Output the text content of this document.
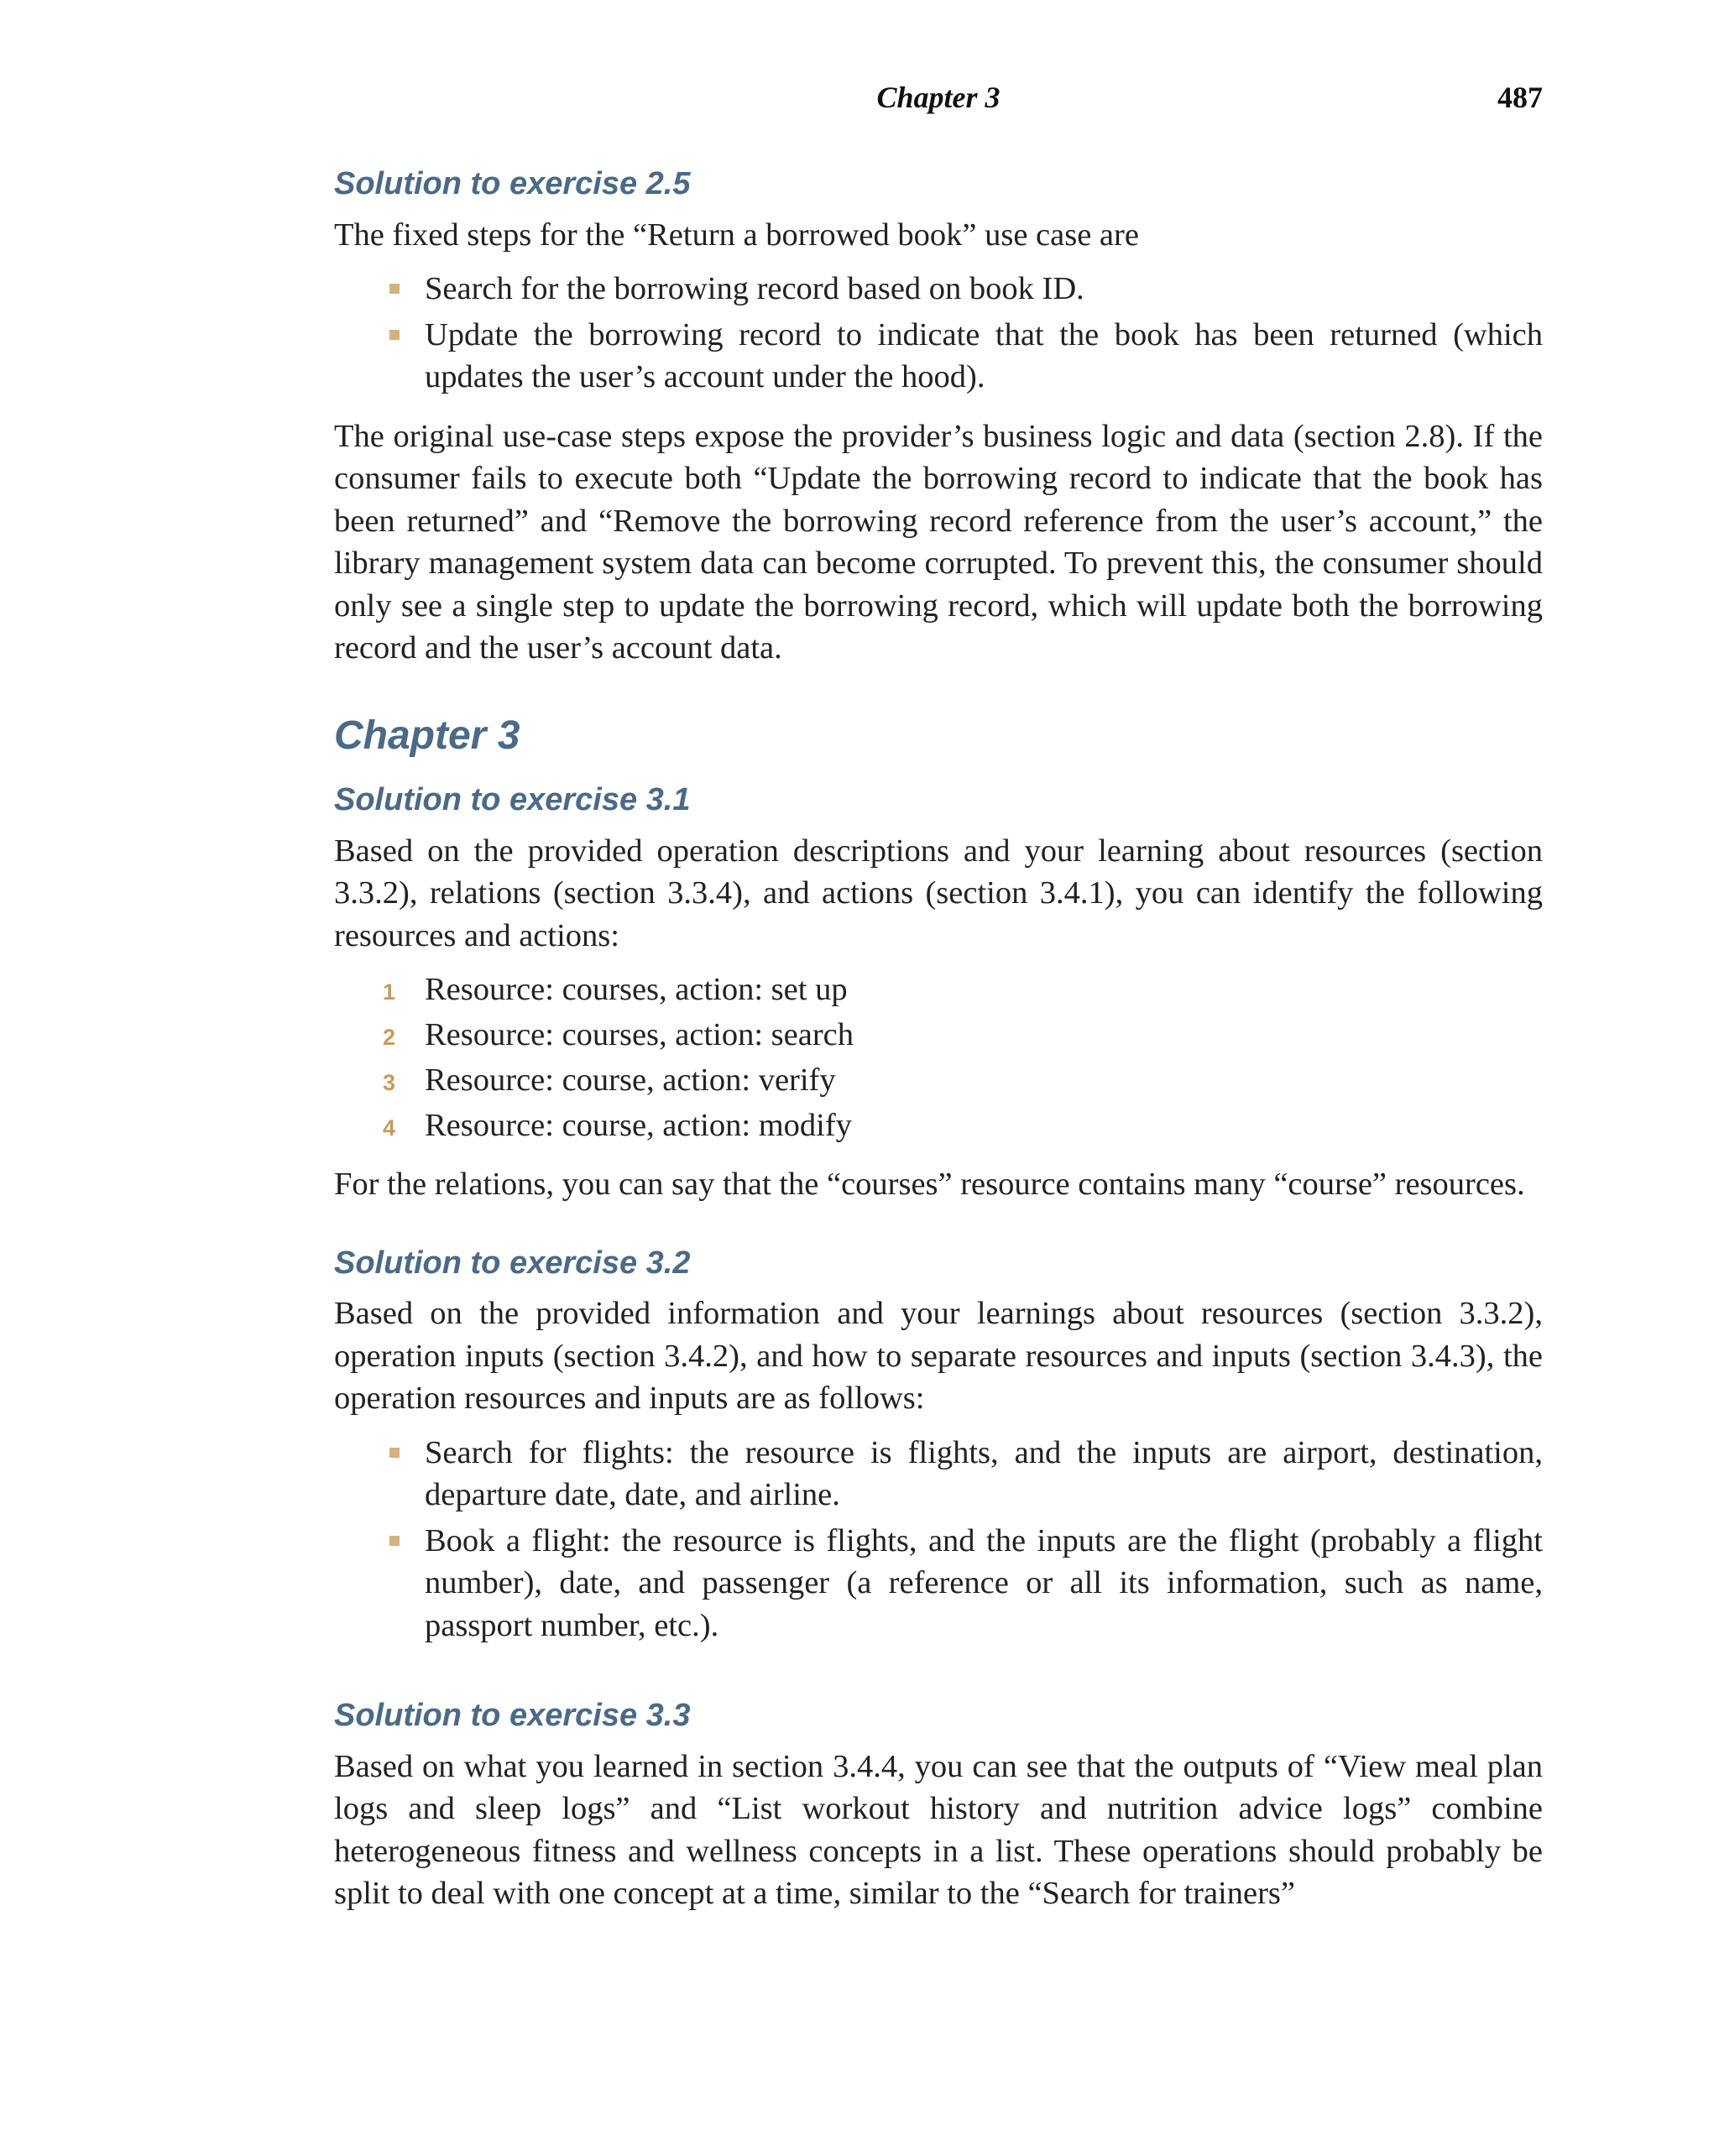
Chapter 3	487
Solution to exercise 2.5

The fixed steps for the “Return a borrowed book” use case are

Search for the borrowing record based on book ID.
Update the borrowing record to indicate that the book has been returned (which updates the user’s account under the hood).

The original use-case steps expose the provider’s business logic and data (section 2.8). If the consumer fails to execute both “Update the borrowing record to indicate that the book has been returned” and “Remove the borrowing record reference from the user’s account,” the library management system data can become corrupted. To prevent this, the consumer should only see a single step to update the borrowing record, which will update both the borrowing record and the user’s account data.

Chapter 3
Solution to exercise 3.1

Based on the provided operation descriptions and your learning about resources (section 3.3.2), relations (section 3.3.4), and actions (section 3.4.1), you can identify the following resources and actions:

1 Resource: courses, action: set up
2 Resource: courses, action: search
3 Resource: course, action: verify
4 Resource: course, action: modify

For the relations, you can say that the “courses” resource contains many “course” resources.

Solution to exercise 3.2

Based on the provided information and your learnings about resources (section 3.3.2), operation inputs (section 3.4.2), and how to separate resources and inputs (section 3.4.3), the operation resources and inputs are as follows:

Search for flights: the resource is flights, and the inputs are airport, destination, departure date, date, and airline.
Book a flight: the resource is flights, and the inputs are the flight (probably a flight number), date, and passenger (a reference or all its information, such as name, passport number, etc.).
Solution to exercise 3.3

Based on what you learned in section 3.4.4, you can see that the outputs of “View meal plan logs and sleep logs” and “List workout history and nutrition advice logs” combine heterogeneous fitness and wellness concepts in a list. These operations should probably be split to deal with one concept at a time, similar to the “Search for trainers”
